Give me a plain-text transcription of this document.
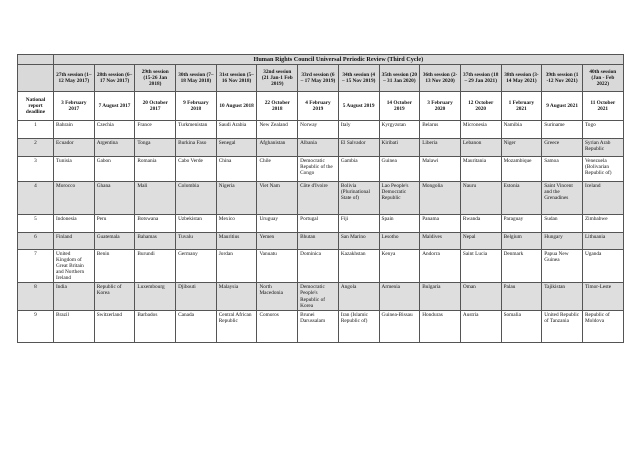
	Human Rights Council Universal Periodic Review (Third Cycle)													
	27th session (1–12 May 2017)	28th session (6–17 Nov 2017)	29th session (15-26 Jan 2018)	30th session (7–18 May 2018)	31st session (5–16 Nov 2018)	32nd session (21 Jan-1 Feb 2019)	33rd session (6 – 17 May 2019)	34th session (4 – 15 Nov 2019)	35th session (20 – 31 Jan 2020)	36th session (2-13 Nov 2020)	37th session (18 – 29 Jan 2021)	38th session (3-14 May 2021)	39th session (1 -12 Nov 2021)	40th session (Jan - Feb 2022)
National report deadline	3 February 2017	7 August 2017	20 October 2017	9 February 2018	10 August 2018	22 October 2018	4 February 2019	5 August 2019	14 October 2019	3 February 2020	12 October 2020	1 February 2021	9 August 2021	11 October 2021
1	Bahrain	Czechia	France	Turkmenistan	Saudi Arabia	New Zealand	Norway	Italy	Kyrgyzstan	Belarus	Micronesia	Namibia	Suriname	Togo
2	Ecuador	Argentina	Tonga	Burkina Faso	Senegal	Afghanistan	Albania	El Salvador	Kiribati	Liberia	Lebanon	Niger	Greece	Syrian Arab Republic
3	Tunisia	Gabon	Romania	Cabo Verde	China	Chile	Democratic Republic of the Congo	Gambia	Guinea	Malawi	Mauritania	Mozambique	Samoa	Venezuela (Bolivarian Republic of)
4	Morocco	Ghana	Mali	Colombia	Nigeria	Viet Nam	Côte d'Ivoire	Bolivia (Plurinational State of)	Lao People's Democratic Republic	Mongolia	Nauru	Estonia	Saint Vincent and the Grenadines	Iceland
5	Indonesia	Peru	Botswana	Uzbekistan	Mexico	Uruguay	Portugal	Fiji	Spain	Panama	Rwanda	Paraguay	Sudan	Zimbabwe
6	Finland	Guatemala	Bahamas	Tuvalu	Mauritius	Yemen	Bhutan	San Marino	Lesotho	Maldives	Nepal	Belgium	Hungary	Lithuania
7	United Kingdom of Great Britain and Northern Ireland	Benin	Burundi	Germany	Jordan	Vanuatu	Dominica	Kazakhstan	Kenya	Andorra	Saint Lucia	Denmark	Papua New Guinea	Uganda
8	India	Republic of Korea	Luxembourg	Djibouti	Malaysia	North Macedonia	Democratic People's Republic of Korea	Angola	Armenia	Bulgaria	Oman	Palau	Tajikistan	Timor-Leste
9	Brazil	Switzerland	Barbados	Canada	Central African Republic	Comoros	Brunei Darussalam	Iran (Islamic Republic of)	Guinea-Bissau	Honduras	Austria	Somalia	United Republic of Tanzania	Republic of Moldova
